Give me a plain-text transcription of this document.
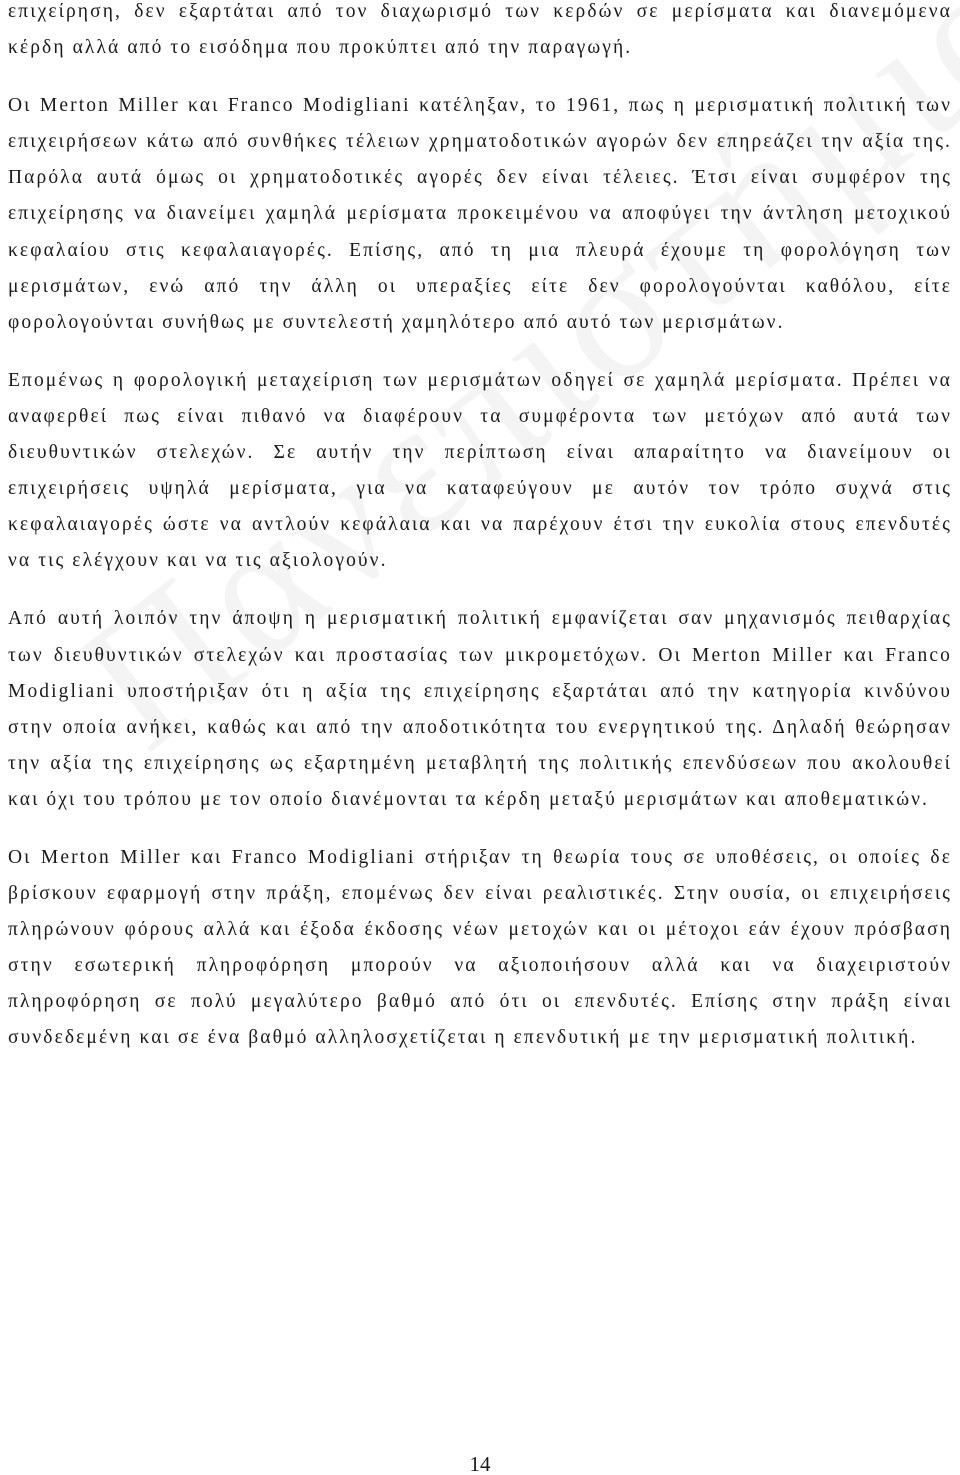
επιχείρηση, δεν εξαρτάται από τον διαχωρισμό των κερδών σε μερίσματα και διανεμόμενα κέρδη αλλά από το εισόδημα που προκύπτει από την παραγωγή.

Οι Merton Miller και Franco Modigliani κατέληξαν, το 1961, πως η μερισματική πολιτική των επιχειρήσεων κάτω από συνθήκες τέλειων χρηματοδοτικών αγορών δεν επηρεάζει την αξία της. Παρόλα αυτά όμως οι χρηματοδοτικές αγορές δεν είναι τέλειες. Έτσι είναι συμφέρον της επιχείρησης να διανείμει χαμηλά μερίσματα προκειμένου να αποφύγει την άντληση μετοχικού κεφαλαίου στις κεφαλαιαγορές. Επίσης, από τη μια πλευρά έχουμε τη φορολόγηση των μερισμάτων, ενώ από την άλλη οι υπεραξίες είτε δεν φορολογούνται καθόλου, είτε φορολογούνται συνήθως με συντελεστή χαμηλότερο από αυτό των μερισμάτων.

Επομένως η φορολογική μεταχείριση των μερισμάτων οδηγεί σε χαμηλά μερίσματα. Πρέπει να αναφερθεί πως είναι πιθανό να διαφέρουν τα συμφέροντα των μετόχων από αυτά των διευθυντικών στελεχών. Σε αυτήν την περίπτωση είναι απαραίτητο να διανείμουν οι επιχειρήσεις υψηλά μερίσματα, για να καταφεύγουν με αυτόν τον τρόπο συχνά στις κεφαλαιαγορές ώστε να αντλούν κεφάλαια και να παρέχουν έτσι την ευκολία στους επενδυτές να τις ελέγχουν και να τις αξιολογούν.

Από αυτή λοιπόν την άποψη η μερισματική πολιτική εμφανίζεται σαν μηχανισμός πειθαρχίας των διευθυντικών στελεχών και προστασίας των μικρομετόχων. Οι Merton Miller και Franco Modigliani υποστήριξαν ότι η αξία της επιχείρησης εξαρτάται από την κατηγορία κινδύνου στην οποία ανήκει, καθώς και από την αποδοτικότητα του ενεργητικού της. Δηλαδή θεώρησαν την αξία της επιχείρησης ως εξαρτημένη μεταβλητή της πολιτικής επενδύσεων που ακολουθεί και όχι του τρόπου με τον οποίο διανέμονται τα κέρδη μεταξύ μερισμάτων και αποθεματικών.

Οι Merton Miller και Franco Modigliani στήριξαν τη θεωρία τους σε υποθέσεις, οι οποίες δε βρίσκουν εφαρμογή στην πράξη, επομένως δεν είναι ρεαλιστικές. Στην ουσία, οι επιχειρήσεις πληρώνουν φόρους αλλά και έξοδα έκδοσης νέων μετοχών και οι μέτοχοι εάν έχουν πρόσβαση στην εσωτερική πληροφόρηση μπορούν να αξιοποιήσουν αλλά και να διαχειριστούν πληροφόρηση σε πολύ μεγαλύτερο βαθμό από ότι οι επενδυτές. Επίσης στην πράξη είναι συνδεδεμένη και σε ένα βαθμό αλληλοσχετίζεται η επενδυτική με την μερισματική πολιτική.

14
